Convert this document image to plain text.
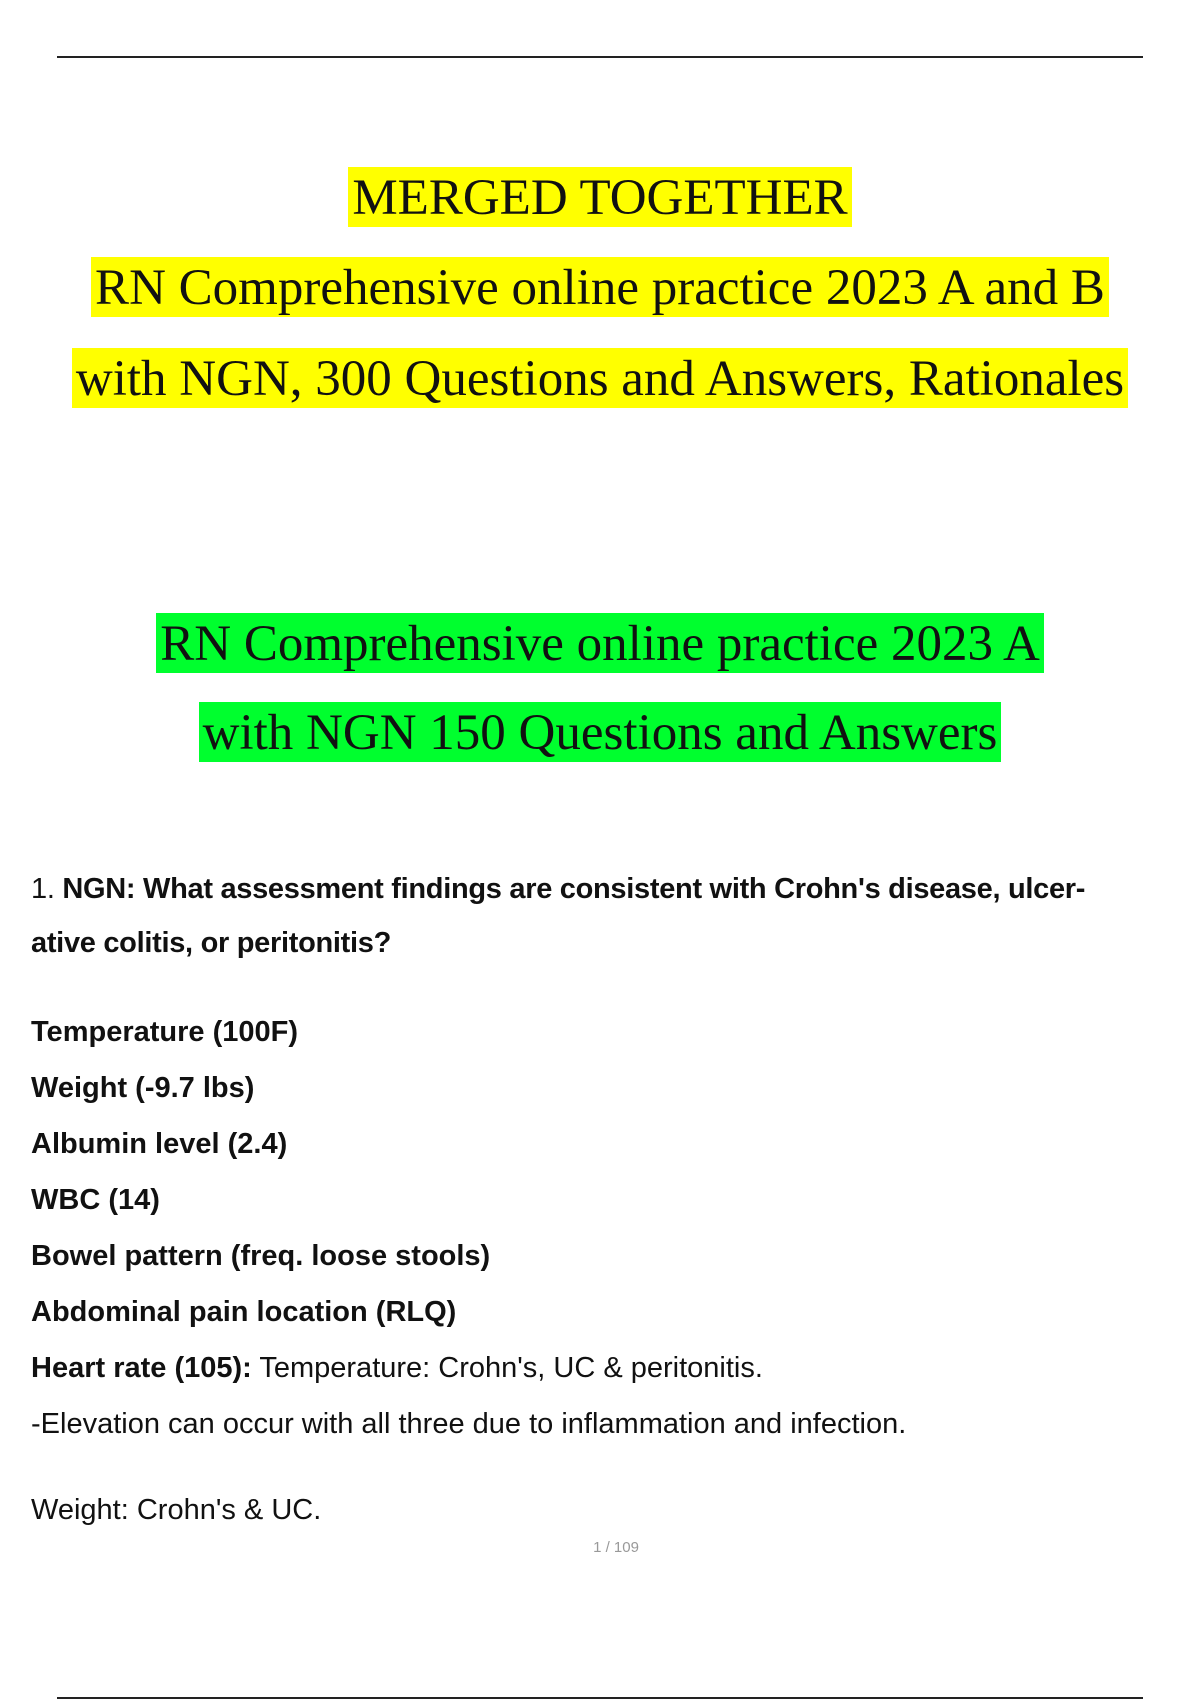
MERGED TOGETHER
RN Comprehensive online practice 2023 A and B
with NGN, 300 Questions and Answers, Rationales
RN Comprehensive online practice 2023 A
with NGN 150 Questions and Answers
1. NGN: What assessment findings are consistent with Crohn's disease, ulcer-
ative colitis, or peritonitis?
Temperature (100F)
Weight (-9.7 lbs)
Albumin level (2.4)
WBC (14)
Bowel pattern (freq. loose stools)
Abdominal pain location (RLQ)
Heart rate (105): Temperature: Crohn's, UC & peritonitis.
-Elevation can occur with all three due to inflammation and infection.
Weight: Crohn's & UC.
1 / 109
